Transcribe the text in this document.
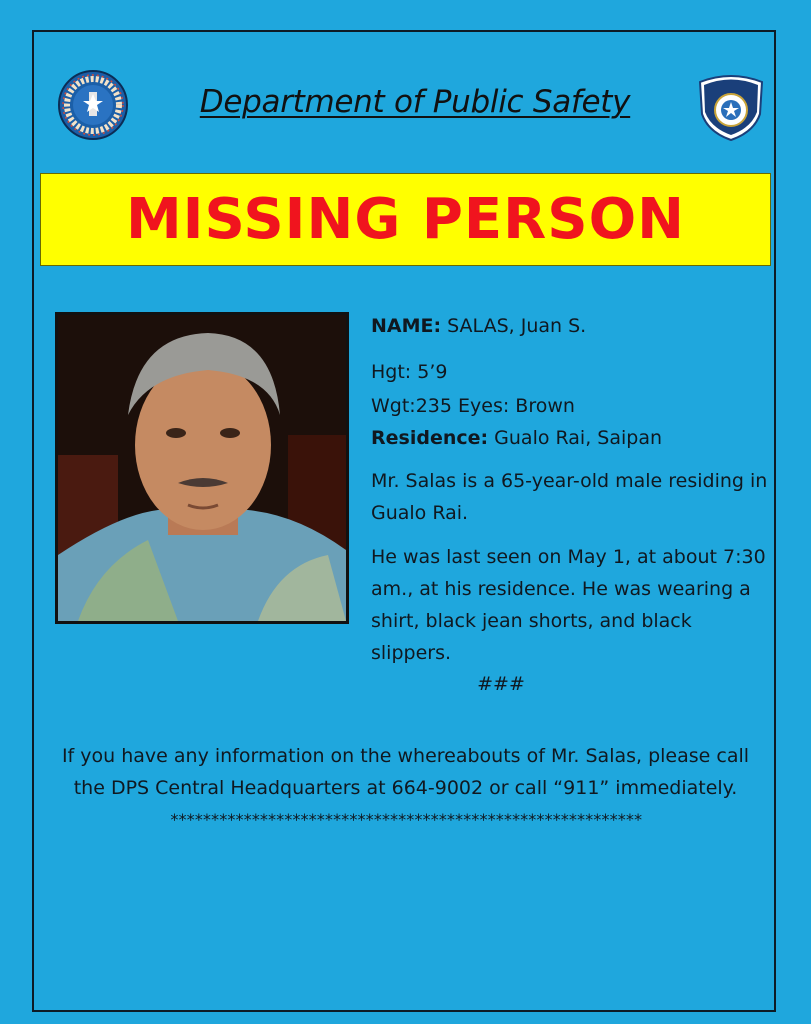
Department of Public Safety
MISSING PERSON

NAME: SALAS, Juan S.

Hgt: 5’9

Wgt:235 Eyes: Brown

Residence: Gualo Rai, Saipan

Mr. Salas is a 65-year-old male residing in Gualo Rai.

He was last seen on May 1, at about 7:30 am., at his residence. He was wearing a shirt, black jean shorts, and black slippers.

###
If you have any information on the whereabouts of Mr. Salas, please call
the DPS Central Headquarters at 664-9002 or call “911” immediately.
**********************************************************
